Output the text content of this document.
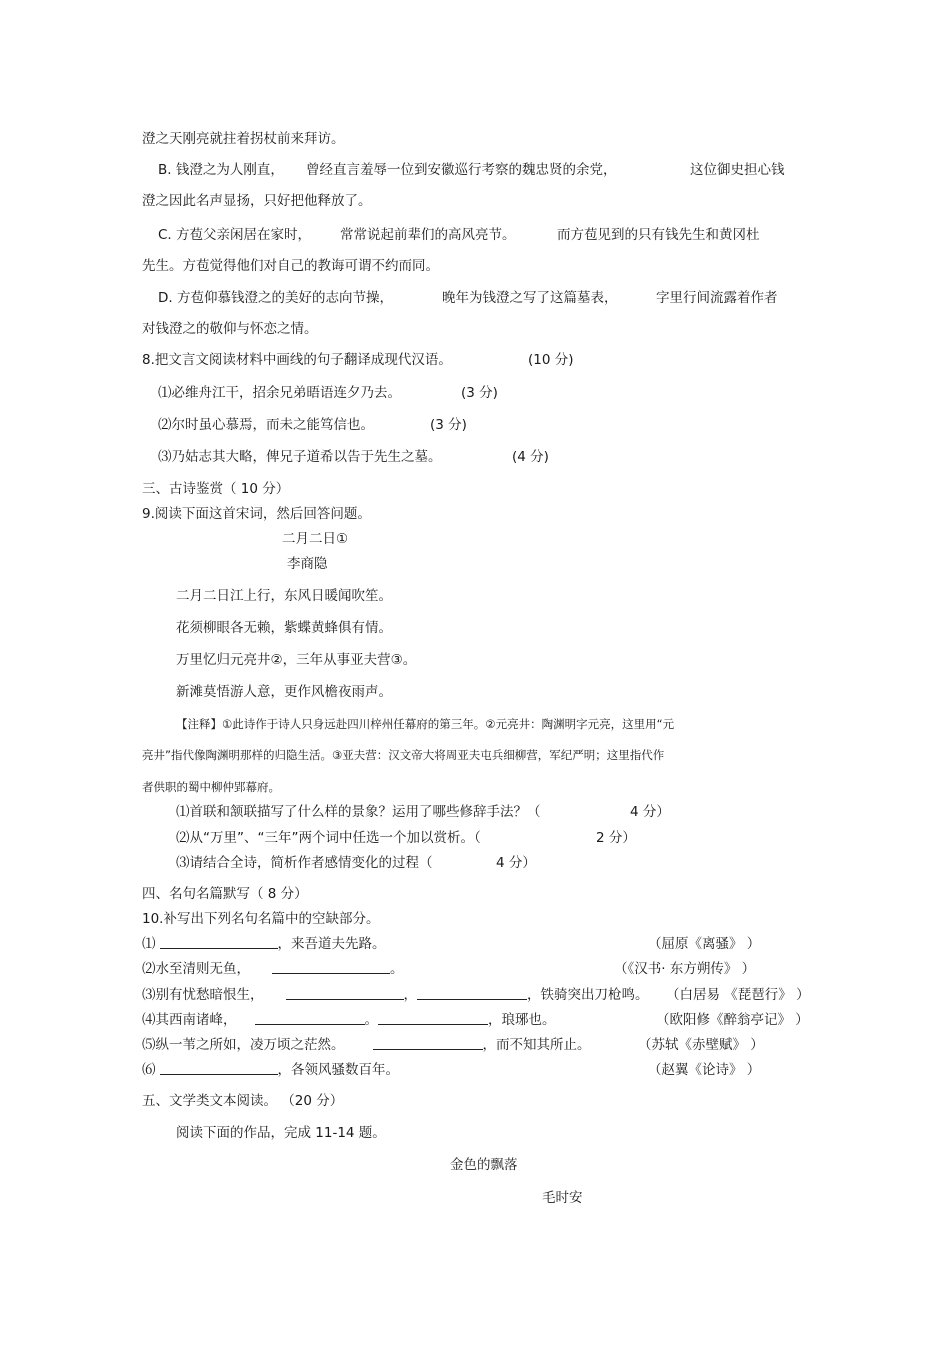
澄之天刚亮就拄着拐杖前来拜访。
B. 钱澄之为人刚直， 曾经直言羞辱一位到安徽巡行考察的魏忠贤的余党，	这位御史担心钱
澄之因此名声显扬，只好把他释放了。
C. 方苞父亲闲居在家时， 常常说起前辈们的高风亮节。	而方苞见到的只有钱先生和黄冈杜
先生。方苞觉得他们对自己的教诲可谓不约而同。
D. 方苞仰慕钱澄之的美好的志向节操，	晚年为钱澄之写了这篇墓表，	字里行间流露着作者
对钱澄之的敬仰与怀恋之情。
8.把文言文阅读材料中画线的句子翻译成现代汉语。	(10 分)
⑴必维舟江干，招余兄弟晤语连夕乃去。	(3 分)
⑵尔时虽心慕焉，而未之能笃信也。	(3 分)
⑶乃姑志其大略，俾兄子道希以告于先生之墓。	(4 分)
三、古诗鉴赏（ 10 分）
9.阅读下面这首宋词，然后回答问题。
二月二日①
李商隐
二月二日江上行，东风日暖闻吹笙。
花须柳眼各无赖，紫蝶黄蜂俱有情。
万里忆归元亮井②，三年从事亚夫营③。
新滩莫悟游人意，更作风檐夜雨声。
【注释】①此诗作于诗人只身远赴四川梓州任幕府的第三年。②元亮井：陶渊明字元亮，这里用“元
亮井”指代像陶渊明那样的归隐生活。③亚夫营：汉文帝大将周亚夫屯兵细柳营，军纪严明；这里指代作
者供职的蜀中柳仲郢幕府。
⑴首联和颔联描写了什么样的景象？运用了哪些修辞手法？（	4 分）
⑵从“万里”、“三年”两个词中任选一个加以赏析。（	2 分）
⑶请结合全诗，简析作者感情变化的过程（	4 分）
四、名句名篇默写（ 8 分）
10.补写出下列名句名篇中的空缺部分。
⑴	，来吾道夫先路。	（屈原《离骚》 ）
⑵水至清则无鱼，	。	（《汉书· 东方朔传》 ）
⑶别有忧愁暗恨生，	，	，铁骑突出刀枪鸣。 （白居易 《琵琶行》 ）
⑷其西南诸峰，	。	，琅琊也。	（欧阳修《醉翁亭记》 ）
⑸纵一苇之所如，凌万顷之茫然。	，而不知其所止。	（苏轼《赤壁赋》 ）
⑹	，各领风骚数百年。	（赵翼《论诗》 ）
五、文学类文本阅读。 （20 分）
阅读下面的作品，完成 11-14 题。
金色的飘落
毛时安
